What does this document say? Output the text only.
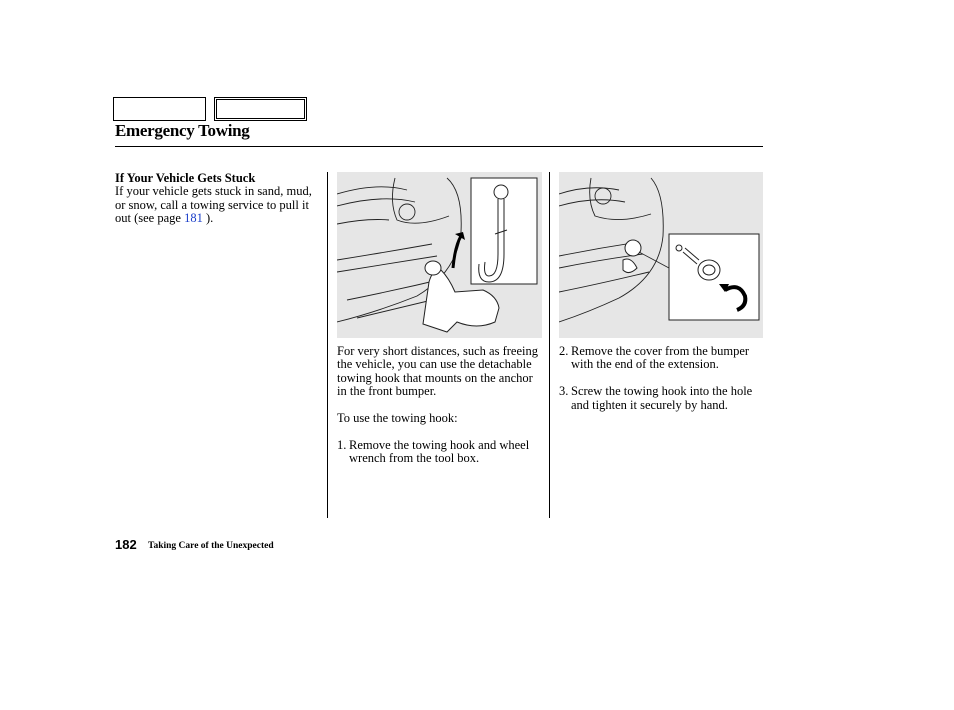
Emergency Towing
If Your Vehicle Gets Stuck
If your vehicle gets stuck in sand, mud, or snow, call a towing service to pull it out (see page 181 ).

For very short distances, such as freeing the vehicle, you can use the detachable towing hook that mounts on the anchor in the front bumper.

To use the towing hook:

1. Remove the towing hook and wheel wrench from the tool box.
2. Remove the cover from the bumper with the end of the extension.
3. Screw the towing hook into the hole and tighten it securely by hand.
182 Taking Care of the Unexpected
